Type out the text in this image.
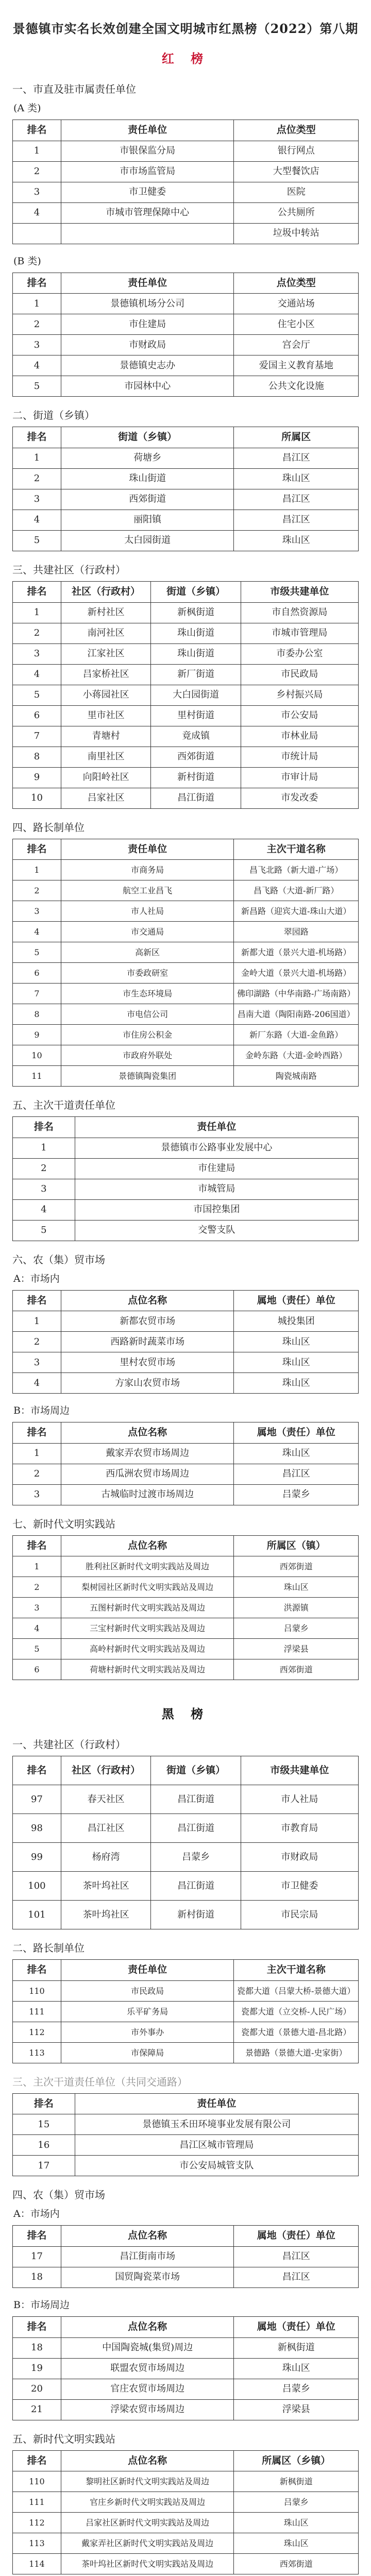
景德镇市实名长效创建全国文明城市红黑榜（2022）第八期
红 榜
一、市直及驻市属责任单位
(A 类)
排名	责任单位	点位类型
1	市银保监分局	银行网点
2	市市场监管局	大型餐饮店
3	市卫健委	医院
4	市城市管理保障中心	公共厕所
		垃圾中转站
(B 类)
排名	责任单位	点位类型
1	景德镇机场分公司	交通站场
2	市住建局	住宅小区
3	市财政局	宫会厅
4	景德镇史志办	爱国主义教育基地
5	市园林中心	公共文化设施
二、街道（乡镇）
排名	街道（乡镇）	所属区
1	荷塘乡	昌江区
2	珠山街道	珠山区
3	西郊街道	昌江区
4	丽阳镇	昌江区
5	太白园街道	珠山区
三、共建社区（行政村）
排名	社区（行政村）	街道（乡镇）	市级共建单位
1	新村社区	新枫街道	市自然资源局
2	南河社区	珠山街道	市城市管理局
3	江家社区	珠山街道	市委办公室
4	吕家桥社区	新厂街道	市民政局
5	小蒋园社区	大白园街道	乡村振兴局
6	里市社区	里村街道	市公安局
7	青塘村	竟成镇	市林业局
8	南里社区	西郊街道	市统计局
9	向阳岭社区	新村街道	市审计局
10	吕家社区	昌江街道	市发改委
四、路长制单位
排名	责任单位	主次干道名称
1	市商务局	昌飞北路（新大道-广场）
2	航空工业昌飞	昌飞路（大道-新厂路）
3	市人社局	新昌路（迎宾大道-珠山大道）
4	市交通局	翠园路
5	高新区	新都大道（景兴大道-机场路）
6	市委政研室	金岭大道（景兴大道-机场路）
7	市生态环境局	佛印湖路（中华南路-广场南路）
8	市电信公司	昌南大道（陶阳南路-206国道）
9	市住房公积金	新厂东路（大道-金鱼路）
10	市政府外联处	金岭东路（大道-金岭西路）
11	景德镇陶瓷集团	陶瓷城南路
五、主次干道责任单位
排名	责任单位
1	景德镇市公路事业发展中心
2	市住建局
3	市城管局
4	市国控集团
5	交警支队
六、农（集）贸市场
A：市场内
排名	点位名称	属地（责任）单位
1	新都农贸市场	城投集团
2	西路新时蔬菜市场	珠山区
3	里村农贸市场	珠山区
4	方家山农贸市场	珠山区
B：市场周边
排名	点位名称	属地（责任）单位
1	戴家弄农贸市场周边	珠山区
2	西瓜洲农贸市场周边	昌江区
3	古城临时过渡市场周边	吕蒙乡
七、新时代文明实践站
排名	点位名称	所属区（镇）
1	胜利社区新时代文明实践站及周边	西郊街道
2	梨树园社区新时代文明实践站及周边	珠山区
3	五图村新时代文明实践站及周边	洪源镇
4	三宝村新时代文明实践站及周边	吕蒙乡
5	高岭村新时代文明实践站及周边	浮梁县
6	荷塘村新时代文明实践站及周边	西郊街道
黑 榜
一、共建社区（行政村）
排名	社区（行政村）	街道（乡镇）	市级共建单位
97	春天社区	昌江街道	市人社局
98	昌江社区	昌江街道	市教育局
99	杨府湾	吕蒙乡	市财政局
100	茶叶坞社区	昌江街道	市卫健委
101	茶叶坞社区	新村街道	市民宗局
二、路长制单位
排名	责任单位	主次干道名称
110	市民政局	瓷都大道（吕蒙大桥-景德大道）
111	乐平矿务局	瓷都大道（立交桥-人民广场）
112	市外事办	瓷都大道（景德大道-昌北路）
113	市保障局	景德路（景德大道-史家街）
三、主次干道责任单位（共同交通路）
排名	责任单位
15	景德镇玉禾田环境事业发展有限公司
16	昌江区城市管理局
17	市公安局城管支队
四、农（集）贸市场
A：市场内
排名	点位名称	属地（责任）单位
17	昌江街南市场	昌江区
18	国贸陶瓷菜市场	昌江区
B：市场周边
排名	点位名称	属地（责任）单位
18	中国陶瓷城(集贸)周边	新枫街道
19	联盟农贸市场周边	珠山区
20	官庄农贸市场周边	吕蒙乡
21	浮梁农贸市场周边	浮梁县
五、新时代文明实践站
排名	点位名称	所属区（乡镇）
110	黎明社区新时代文明实践站及周边	新枫街道
111	官庄乡新时代文明实践站及周边	吕蒙乡
112	吕家社区新时代文明实践站及周边	珠山区
113	戴家弄社区新时代文明实践站及周边	珠山区
114	茶叶坞社区新时代文明实践站及周边	西郊街道
